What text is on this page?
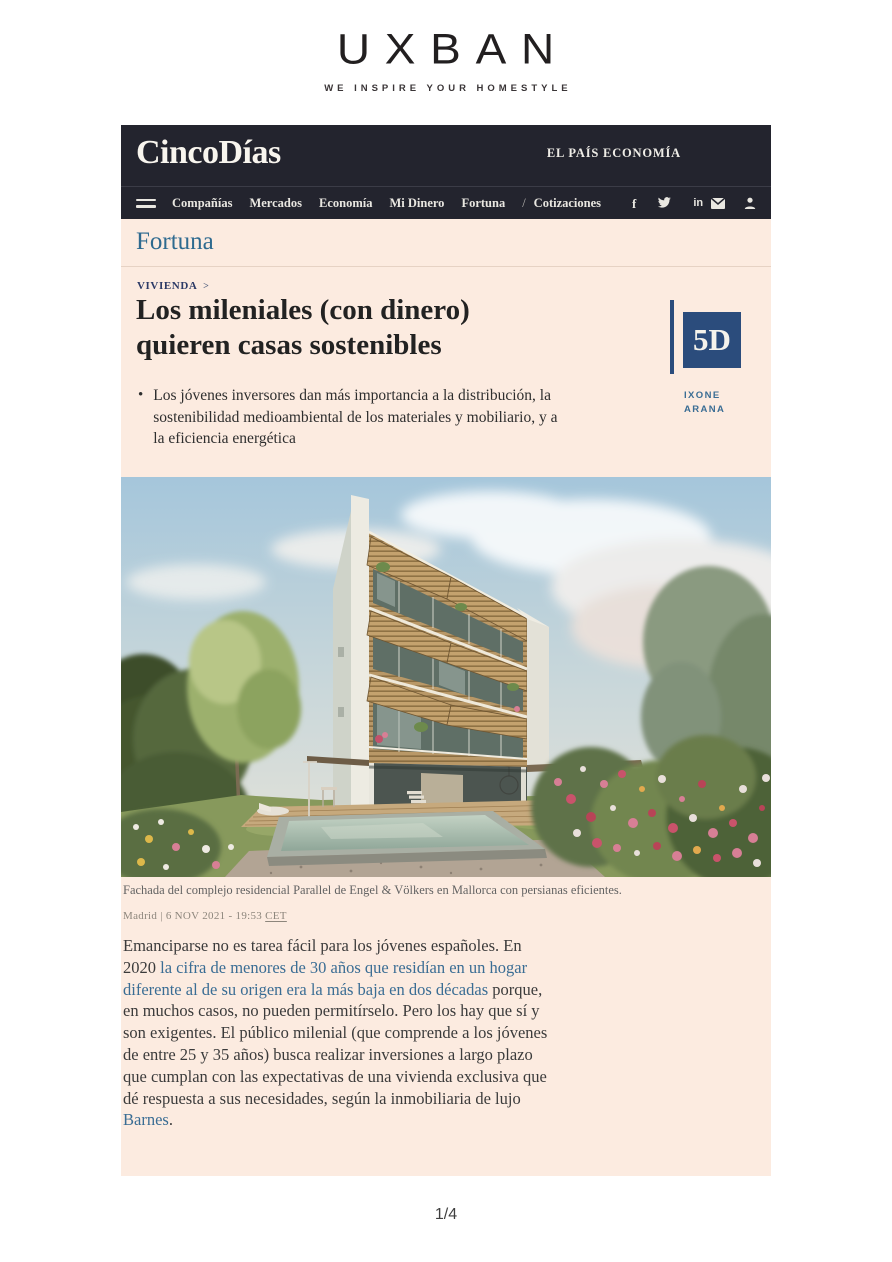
UXBAN
WE INSPIRE YOUR HOMESTYLE
CincoDías	EL PAÍS ECONOMÍA
Compañías Mercados Economía Mi Dinero Fortuna / Cotizaciones f	in
Fortuna
VIVIENDA >
Los mileniales (con dinero) quieren casas sostenibles	5D
IXONE
ARANA
• Los jóvenes inversores dan más importancia a la distribución, la sostenibilidad medioambiental de los materiales y mobiliario, y a la eficiencia energética
Fachada del complejo residencial Parallel de Engel & Völkers en Mallorca con persianas eficientes.
Madrid | 6 NOV 2021 - 19:53 CET

Emanciparse no es tarea fácil para los jóvenes españoles. En 2020 la cifra de menores de 30 años que residían en un hogar diferente al de su origen era la más baja en dos décadas porque, en muchos casos, no pueden permitírselo. Pero los hay que sí y son exigentes. El público milenial (que comprende a los jóvenes de entre 25 y 35 años) busca realizar inversiones a largo plazo que cumplan con las expectativas de una vivienda exclusiva que dé respuesta a sus necesidades, según la inmobiliaria de lujo Barnes.

1/4
